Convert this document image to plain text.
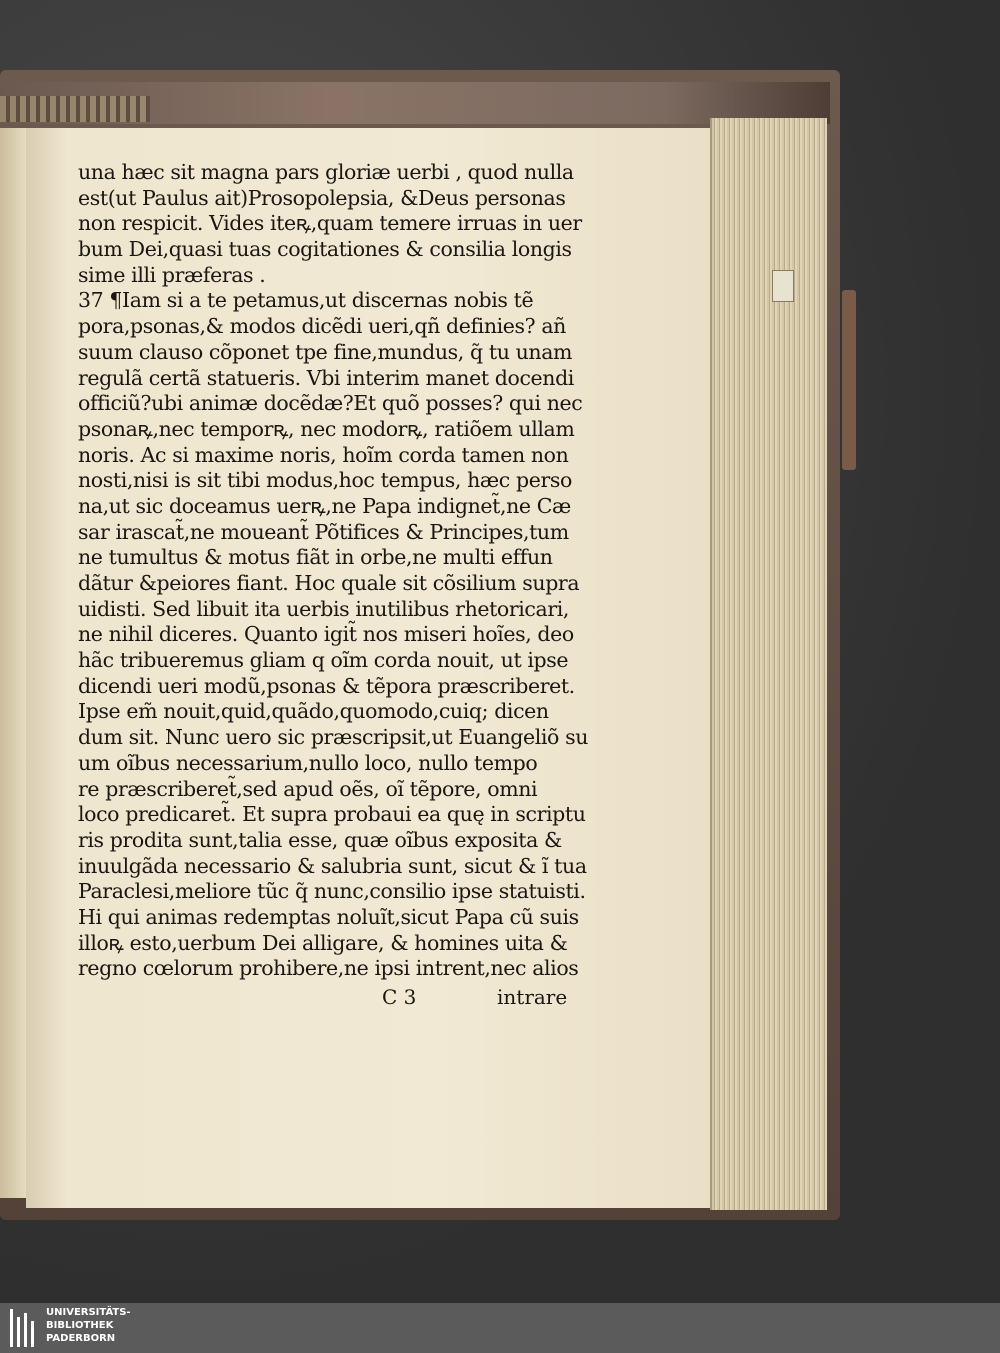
una hæc sit magna pars gloriæ uerbi , quod nulla
est(ut Paulus ait)Prosopolepsia, &Deus personas
non respicit. Vides iteꝶ,quam temere irruas in uer
bum Dei,quasi tuas cogitationes & consilia longis
sime illi præferas .
37 ¶Iam si a te petamus,ut discernas nobis tẽ
pora,psonas,& modos dicẽdi ueri,qñ definies? añ
suum clauso cõponet tpe fine,mundus, q̃ tu unam
regulã certã statueris. Vbi interim manet docendi
officiũ?ubi animæ docẽdæ?Et quõ posses? qui nec
psonaꝶ,nec temporꝶ, nec modorꝶ, ratiõem ullam
noris. Ac si maxime noris, hoĩm corda tamen non
nosti,nisi is sit tibi modus,hoc tempus, hæc perso
na,ut sic doceamus uerꝶ,ne Papa indignet̃,ne Cæ
sar irascat̃,ne moueant̃ Põtifices & Principes,tum
ne tumultus & motus fiãt in orbe,ne multi effun
dãtur &peiores fiant. Hoc quale sit cõsilium supra
uidisti. Sed libuit ita uerbis inutilibus rhetoricari,
ne nihil diceres. Quanto igit̃ nos miseri hoĩes, deo
hãc tribueremus gliam q oĩm corda nouit, ut ipse
dicendi ueri modũ,psonas & tẽpora præscriberet.
Ipse em̃ nouit,quid,quãdo,quomodo,cuiq; dicen
dum sit. Nunc uero sic præscripsit,ut Euangeliõ su
um oĩbus necessarium,nullo loco, nullo tempo
re præscriberet̃,sed apud oẽs, oĩ tẽpore, omni
loco predicaret̃. Et supra probaui ea quę in scriptu
ris prodita sunt,talia esse, quæ oĩbus exposita &
inuulgãda necessario & salubria sunt, sicut & ĩ tua
Paraclesi,meliore tũc q̃ nunc,consilio ipse statuisti.
Hi qui animas redemptas noluĩt,sicut Papa cũ suis
illoꝶ esto,uerbum Dei alligare, & homines uita &
regno cœlorum prohibere,ne ipsi intrent,nec alios
C 3	intrare
UNIVERSITÄTS-
BIBLIOTHEK
PADERBORN
